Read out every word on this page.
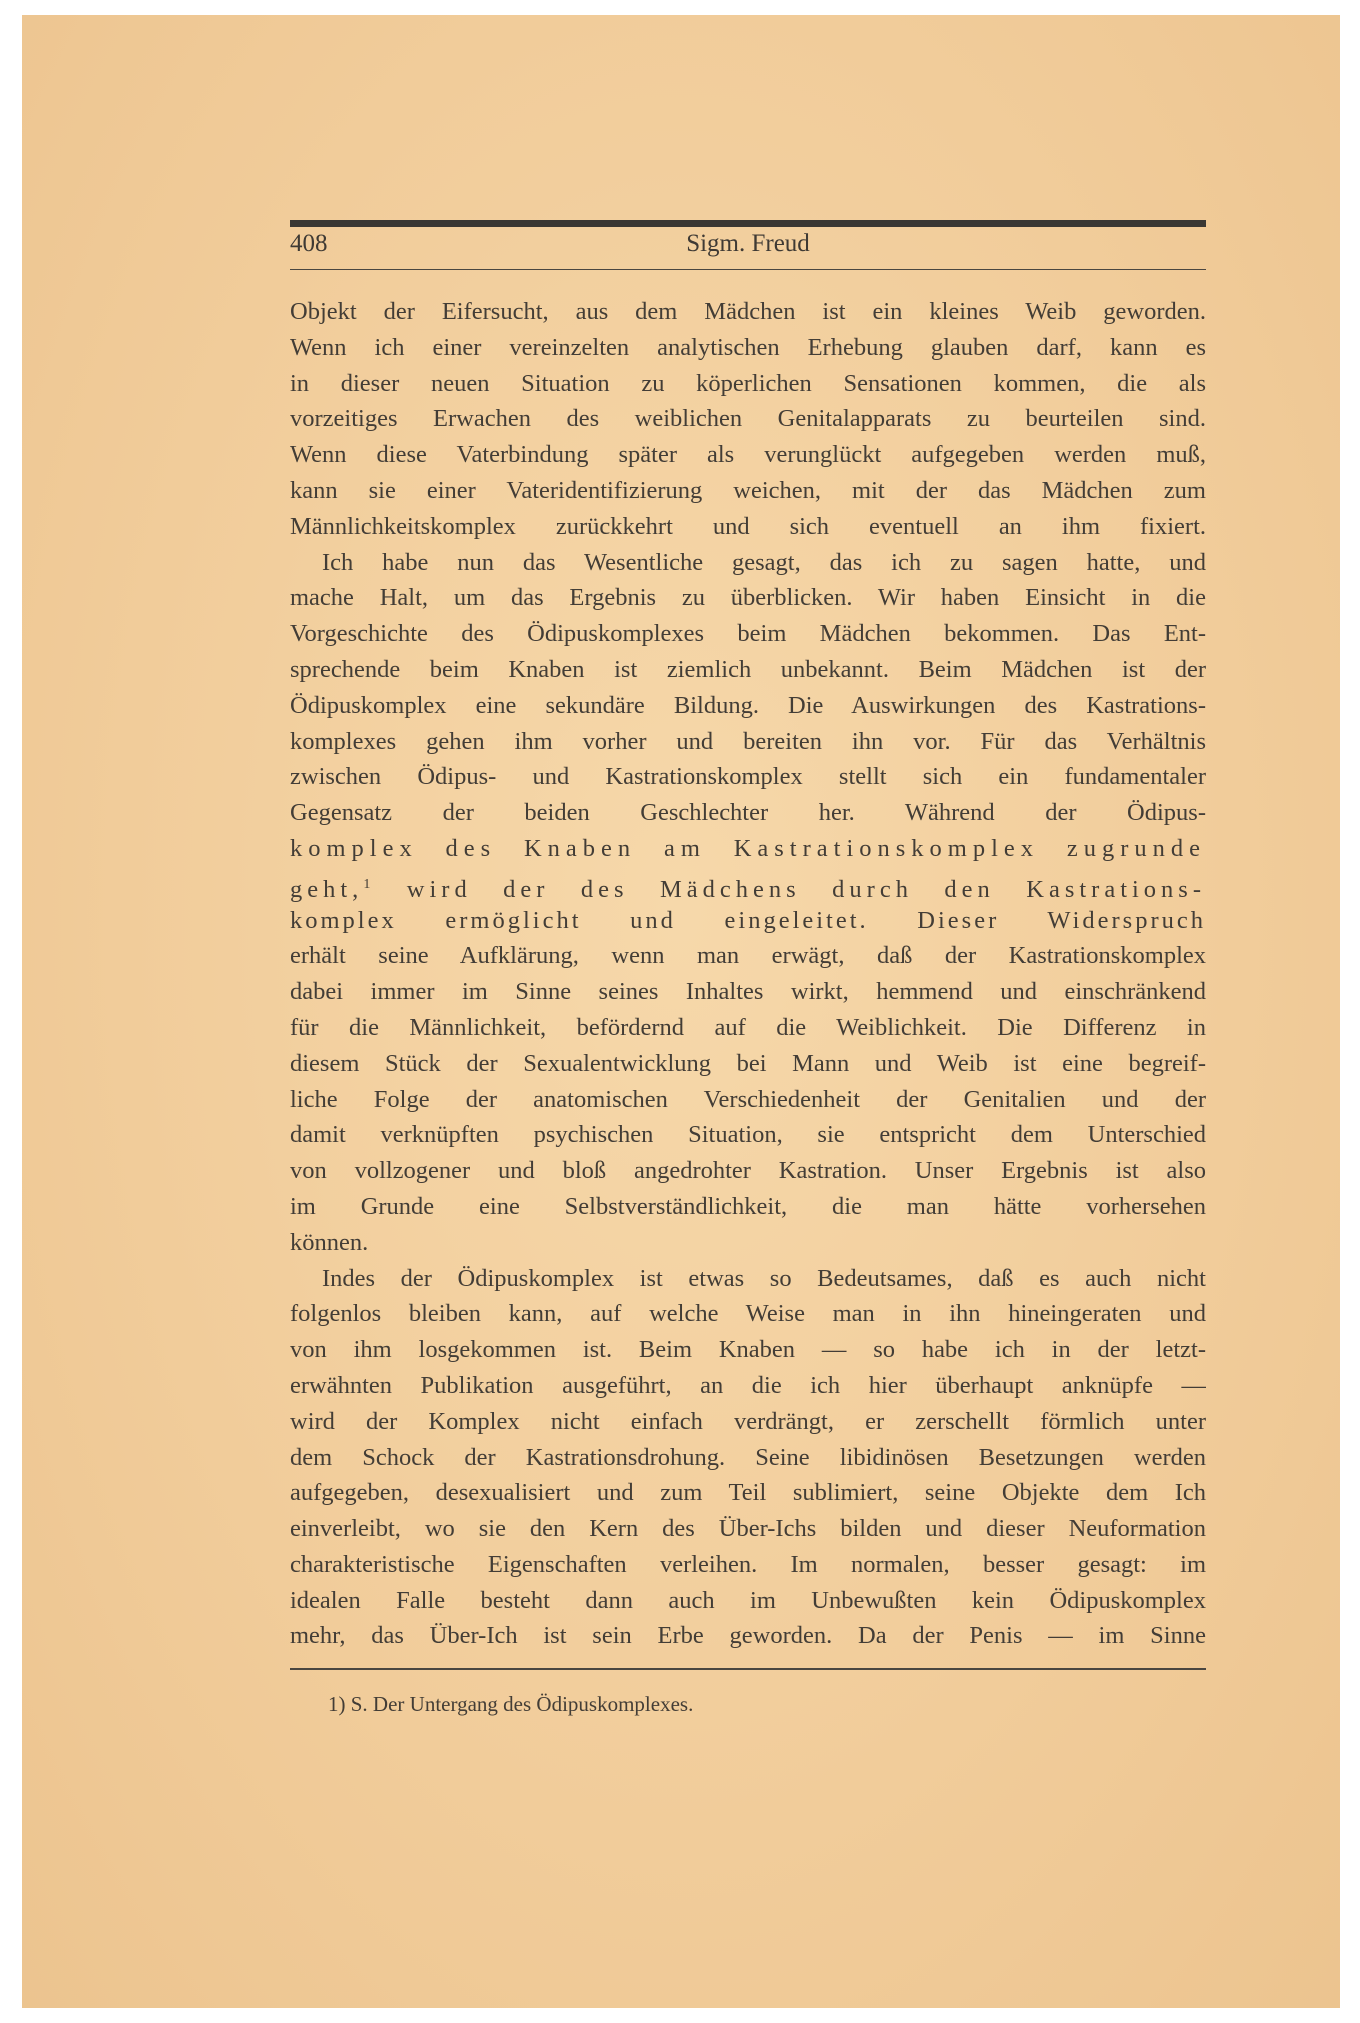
408	Sigm. Freud
Objekt der Eifersucht, aus dem Mädchen ist ein kleines Weib geworden.
Wenn ich einer vereinzelten analytischen Erhebung glauben darf, kann es
in dieser neuen Situation zu köperlichen Sensationen kommen, die als
vorzeitiges Erwachen des weiblichen Genitalapparats zu beurteilen sind.
Wenn diese Vaterbindung später als verunglückt aufgegeben werden muß,
kann sie einer Vateridentifizierung weichen, mit der das Mädchen zum
Männlichkeitskomplex zurückkehrt und sich eventuell an ihm fixiert.
Ich habe nun das Wesentliche gesagt, das ich zu sagen hatte, und
mache Halt, um das Ergebnis zu überblicken. Wir haben Einsicht in die
Vorgeschichte des Ödipuskomplexes beim Mädchen bekommen. Das Ent-
sprechende beim Knaben ist ziemlich unbekannt. Beim Mädchen ist der
Ödipuskomplex eine sekundäre Bildung. Die Auswirkungen des Kastrations-
komplexes gehen ihm vorher und bereiten ihn vor. Für das Verhältnis
zwischen Ödipus- und Kastrationskomplex stellt sich ein fundamentaler
Gegensatz der beiden Geschlechter her. Während der Ödipus-
komplex des Knaben am Kastrationskomplex zugrunde
geht,$^1$ wird der des Mädchens durch den Kastrations-
komplex ermöglicht und eingeleitet. Dieser Widerspruch
erhält seine Aufklärung, wenn man erwägt, daß der Kastrationskomplex
dabei immer im Sinne seines Inhaltes wirkt, hemmend und einschränkend
für die Männlichkeit, befördernd auf die Weiblichkeit. Die Differenz in
diesem Stück der Sexualentwicklung bei Mann und Weib ist eine begreif-
liche Folge der anatomischen Verschiedenheit der Genitalien und der
damit verknüpften psychischen Situation, sie entspricht dem Unterschied
von vollzogener und bloß angedrohter Kastration. Unser Ergebnis ist also
im Grunde eine Selbstverständlichkeit, die man hätte vorhersehen
können.
Indes der Ödipuskomplex ist etwas so Bedeutsames, daß es auch nicht
folgenlos bleiben kann, auf welche Weise man in ihn hineingeraten und
von ihm losgekommen ist. Beim Knaben — so habe ich in der letzt-
erwähnten Publikation ausgeführt, an die ich hier überhaupt anknüpfe —
wird der Komplex nicht einfach verdrängt, er zerschellt förmlich unter
dem Schock der Kastrationsdrohung. Seine libidinösen Besetzungen werden
aufgegeben, desexualisiert und zum Teil sublimiert, seine Objekte dem Ich
einverleibt, wo sie den Kern des Über-Ichs bilden und dieser Neuformation
charakteristische Eigenschaften verleihen. Im normalen, besser gesagt: im
idealen Falle besteht dann auch im Unbewußten kein Ödipuskomplex
mehr, das Über-Ich ist sein Erbe geworden. Da der Penis — im Sinne
1) S. Der Untergang des Ödipuskomplexes.
